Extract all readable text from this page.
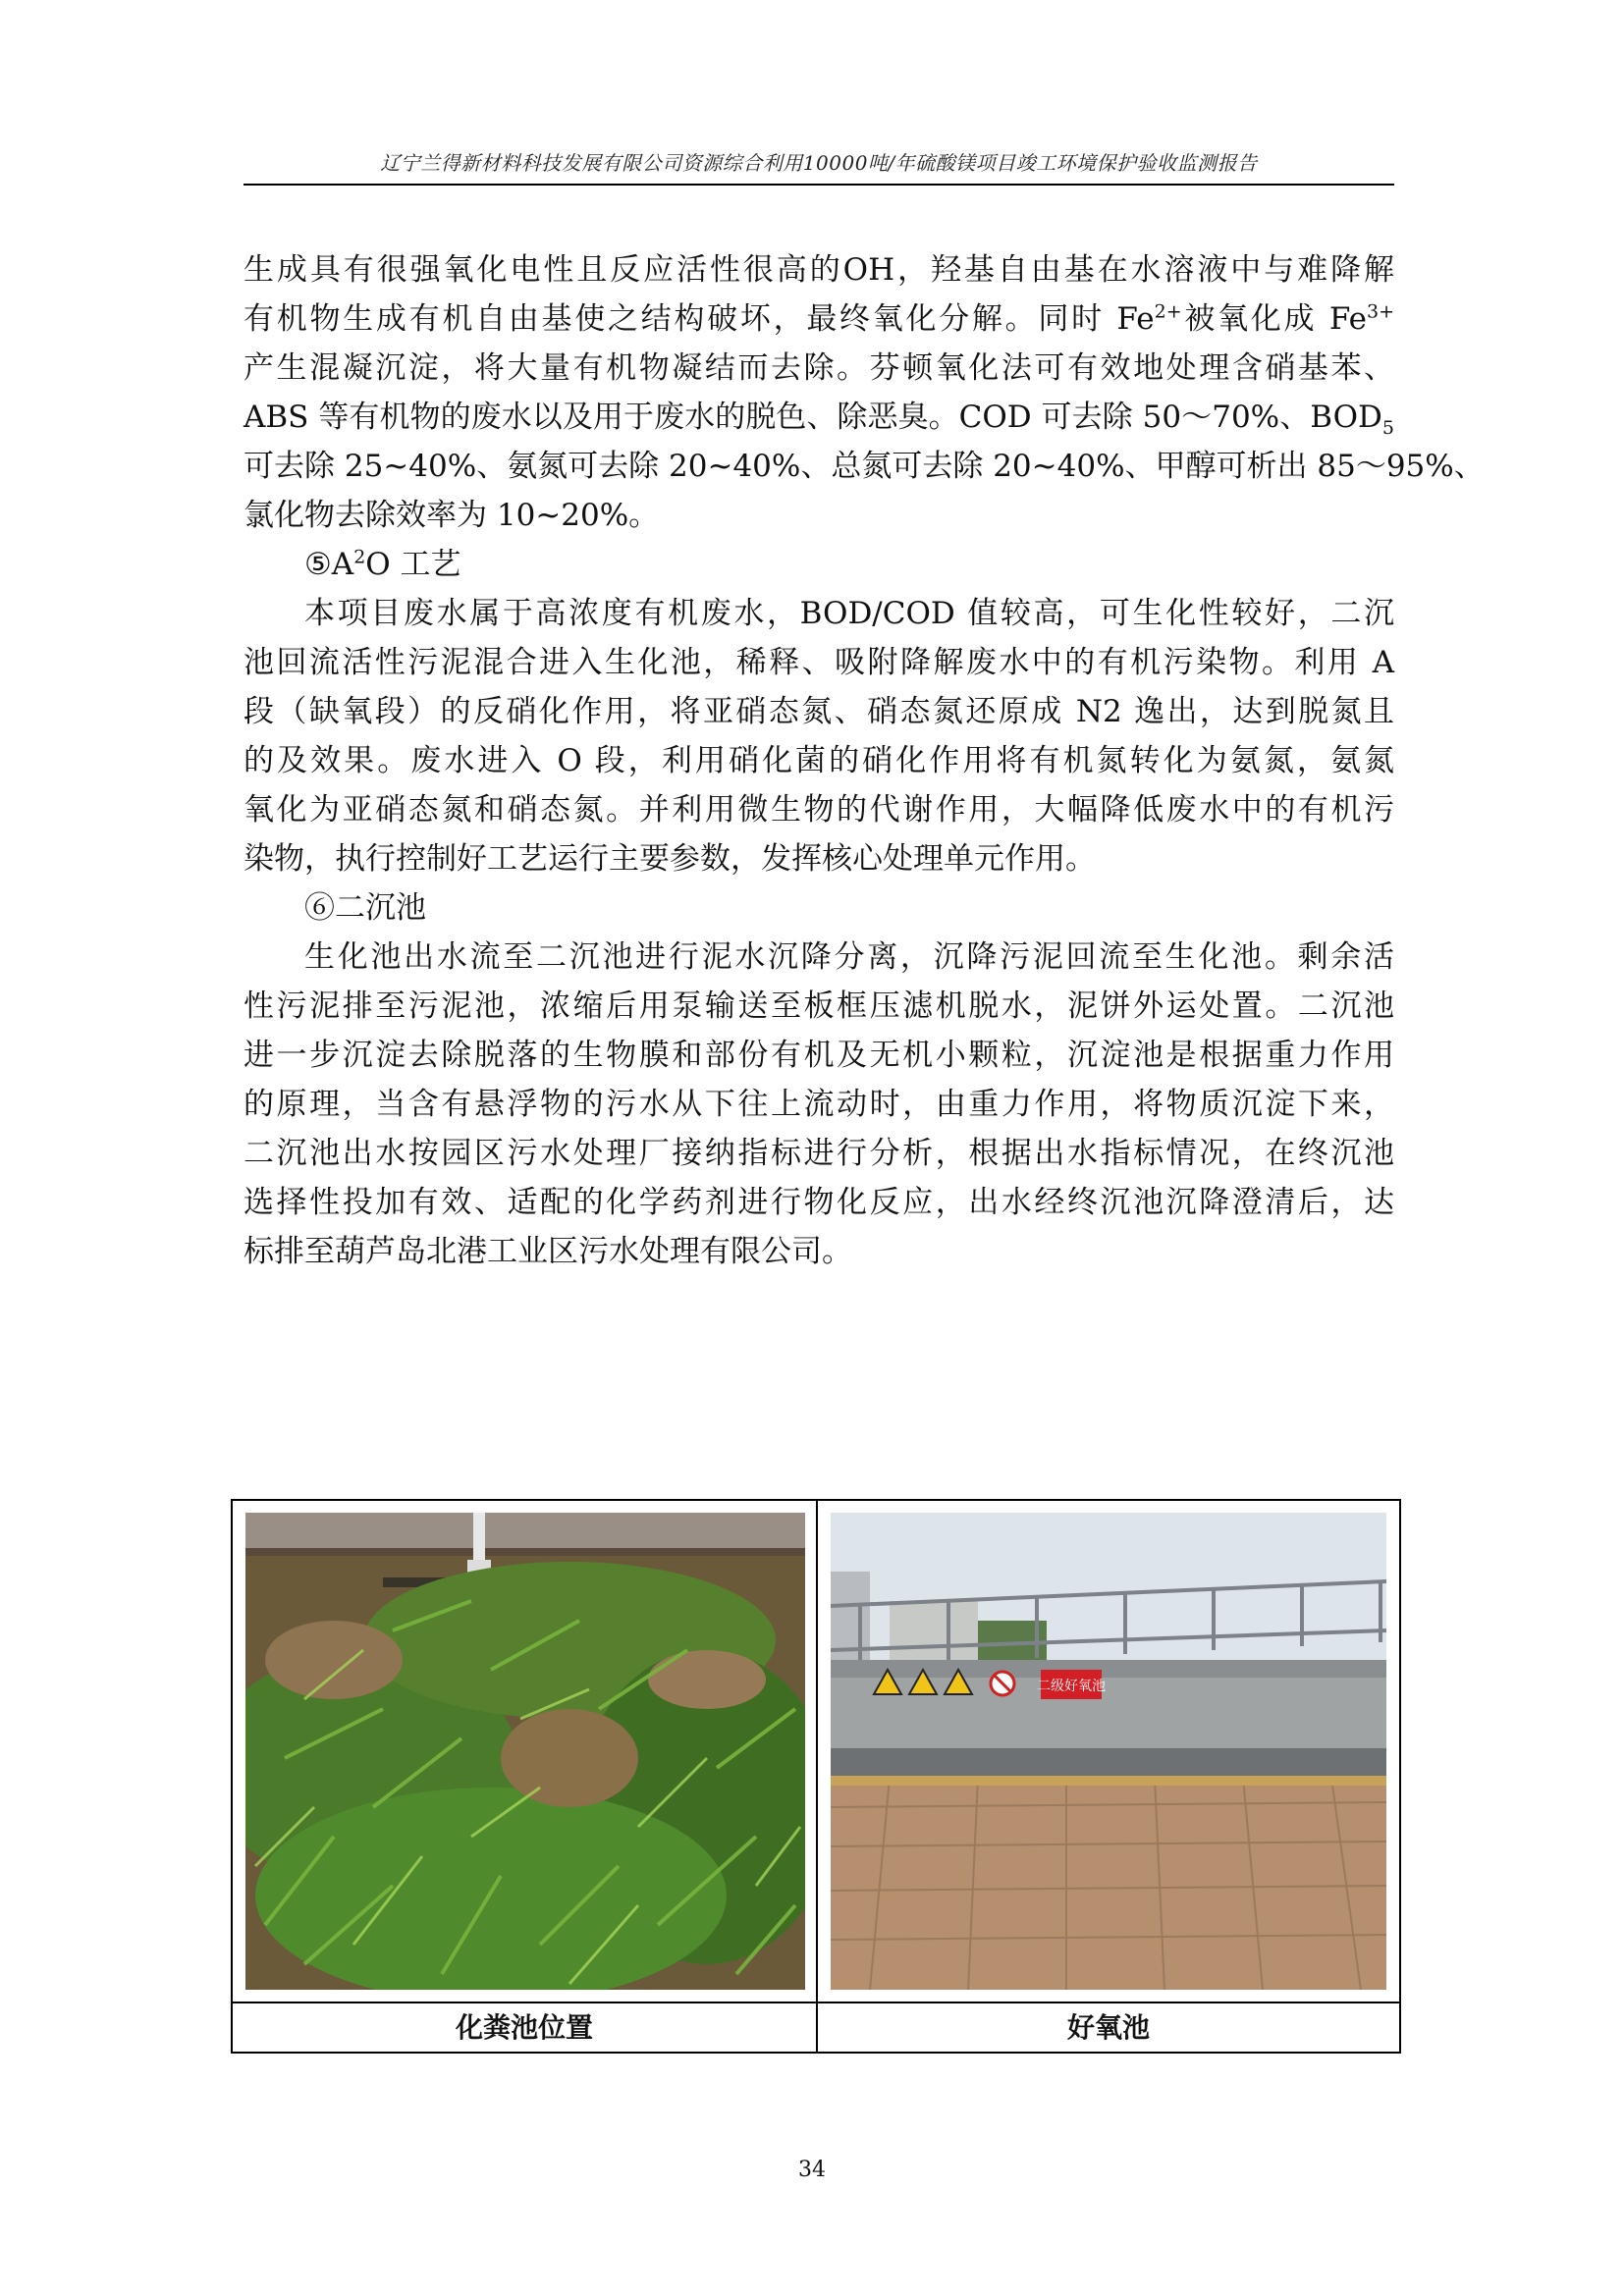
辽宁兰得新材料科技发展有限公司资源综合利用10000吨/年硫酸镁项目竣工环境保护验收监测报告
生成具有很强氧化电性且反应活性很高的OH，羟基自由基在水溶液中与难降解
有机物生成有机自由基使之结构破坏，最终氧化分解。同时 $Fe^{2+}$被氧化成 $Fe^{3+}$
产生混凝沉淀，将大量有机物凝结而去除。芬顿氧化法可有效地处理含硝基苯、
ABS 等有机物的废水以及用于废水的脱色、除恶臭。COD 可去除 50～70%、$BOD_5$
可去除 25~40%、氨氮可去除 20~40%、总氮可去除 20~40%、甲醇可析出 85～95%、
氯化物去除效率为 10~20%。
$⑤A^2O$ 工艺
本项目废水属于高浓度有机废水，BOD/COD 值较高，可生化性较好，二沉
池回流活性污泥混合进入生化池，稀释、吸附降解废水中的有机污染物。利用 A
段（缺氧段）的反硝化作用，将亚硝态氮、硝态氮还原成 N2 逸出，达到脱氮且
的及效果。废水进入 O 段，利用硝化菌的硝化作用将有机氮转化为氨氮，氨氮
氧化为亚硝态氮和硝态氮。并利用微生物的代谢作用，大幅降低废水中的有机污
染物，执行控制好工艺运行主要参数，发挥核心处理单元作用。
⑥二沉池
生化池出水流至二沉池进行泥水沉降分离，沉降污泥回流至生化池。剩余活
性污泥排至污泥池，浓缩后用泵输送至板框压滤机脱水，泥饼外运处置。二沉池
进一步沉淀去除脱落的生物膜和部份有机及无机小颗粒，沉淀池是根据重力作用
的原理，当含有悬浮物的污水从下往上流动时，由重力作用，将物质沉淀下来，
二沉池出水按园区污水处理厂接纳指标进行分析，根据出水指标情况，在终沉池
选择性投加有效、适配的化学药剂进行物化反应，出水经终沉池沉降澄清后，达
标排至葫芦岛北港工业区污水处理有限公司。
二级好氧池
化粪池位置	好氧池
34
